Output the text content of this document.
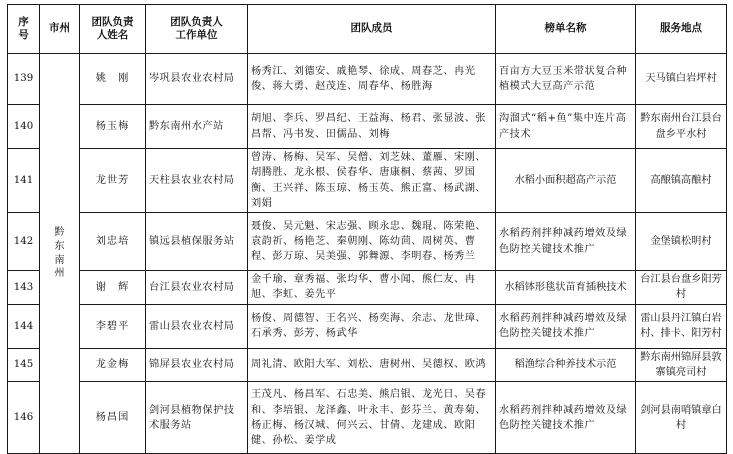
序号	市州	团队负责人姓名	团队负责人工作单位	团队成员	榜单名称	服务地点
139	黔东南州	姚　刚	岑巩县农业农村局	杨秀江、刘德安、戚艳琴、徐成、周春芝、冉光俊、蒋大勇、赵茂连、周春华、杨胜海	百亩方大豆玉米带状复合种植模式大豆高产示范	天马镇白岩坪村
140		杨玉梅	黔东南州水产站	胡旭、李兵、罗昌纪、王益海、杨君、张显波、张昌帮、冯书发、田儒品、刘梅	沟溜式“稻+鱼”集中连片高产技术	黔东南州台江县台盘乡平水村
141		龙世芳	天柱县农业农村局	曾涛、杨梅、吴军、吴僧、刘芝妹、董雁、宋刚、胡腾胜、龙永根、侯春华、唐康桐、蔡茜、罗国衡、王兴祥、陈玉琼、杨玉英、熊正富、杨武湖、刘娟	水稻小面积超高产示范	高酿镇高酿村
142		刘忠培	镇远县植保服务站	聂俊、吴元魁、宋志强、顾永忠、魏琨、陈荣艳、袁韵祈、杨艳芝、秦朝刚、陈幼茴、周树英、曹程、彭万琼、吴美强、郭舞源、李明春、杨秀兰	水稻药剂拌种减药增效及绿色防控关键技术推广	金堡镇松明村
143		谢　辉	台江县农业农村局	金千瑜、章秀福、张均华、曹小闻、熊仁友、冉旭、李虹、姜先平	水稻钵形毯状苗育插秧技术	台江县台盘乡阳芳村
144		李碧平	雷山县农业农村局	杨俊、周德智、王名兴、杨奕海、余志、龙世璋、石承秀、彭芳、杨武华	水稻药剂拌种减药增效及绿色防控关键技术推广	雷山县丹江镇白岩村、排卡、阳芳村
145		龙金梅	锦屏县农业农村局	周礼清、欧阳大军、刘松、唐树州、吴德权、欧鸿	稻渔综合种养技术示范	黔东南州锦屏县敦寨镇亮司村
146		杨昌国	剑河县植物保护技术服务站	王茂凡、杨昌军、石忠美、熊启银、龙光日、吴春和、李培银、龙泽鑫、叶永丰、彭芬兰、黄寿菊、杨正梅、杨汉城、何兴云、甘倩、龙建成、欧阳健、孙松、姜学成	水稻药剂拌种减药增效及绿色防控关键技术推广	剑河县南哨镇章白村
